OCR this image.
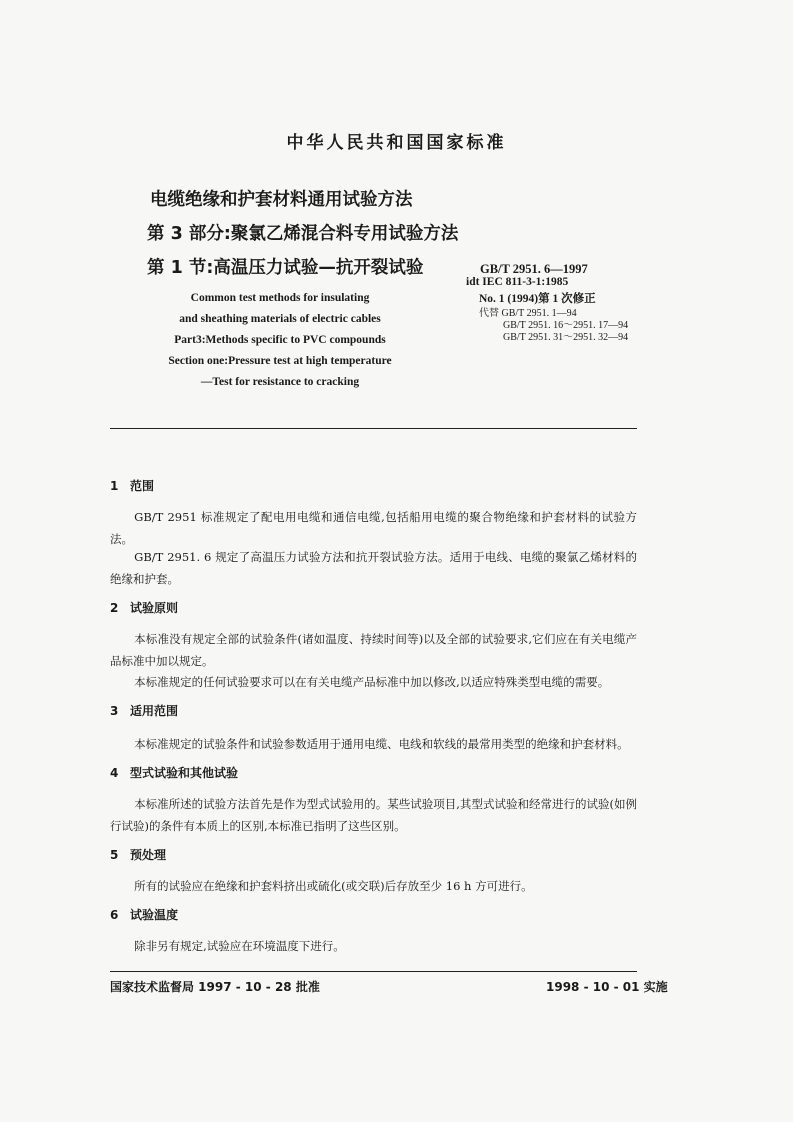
中华人民共和国国家标准
电缆绝缘和护套材料通用试验方法
第 3 部分:聚氯乙烯混合料专用试验方法
第 1 节:高温压力试验—抗开裂试验
Common test methods for insulating
and sheathing materials of electric cables
Part3:Methods specific to PVC compounds
Section one:Pressure test at high temperature
—Test for resistance to cracking
GB/T 2951. 6—1997
idt IEC 811-3-1:1985
No. 1 (1994)第 1 次修正
代替 GB/T 2951. 1—94
GB/T 2951. 16～2951. 17—94
GB/T 2951. 31～2951. 32—94
1 范围
GB/T 2951 标准规定了配电用电缆和通信电缆,包括船用电缆的聚合物绝缘和护套材料的试验方法。
GB/T 2951. 6 规定了高温压力试验方法和抗开裂试验方法。适用于电线、电缆的聚氯乙烯材料的绝缘和护套。
2 试验原则
本标准没有规定全部的试验条件(诸如温度、持续时间等)以及全部的试验要求,它们应在有关电缆产品标准中加以规定。
本标准规定的任何试验要求可以在有关电缆产品标准中加以修改,以适应特殊类型电缆的需要。
3 适用范围
本标准规定的试验条件和试验参数适用于通用电缆、电线和软线的最常用类型的绝缘和护套材料。
4 型式试验和其他试验
本标准所述的试验方法首先是作为型式试验用的。某些试验项目,其型式试验和经常进行的试验(如例行试验)的条件有本质上的区别,本标准已指明了这些区别。
5 预处理
所有的试验应在绝缘和护套料挤出或硫化(或交联)后存放至少 16 h 方可进行。
6 试验温度
除非另有规定,试验应在环境温度下进行。
国家技术监督局 1997 - 10 - 28 批准	1998 - 10 - 01 实施
